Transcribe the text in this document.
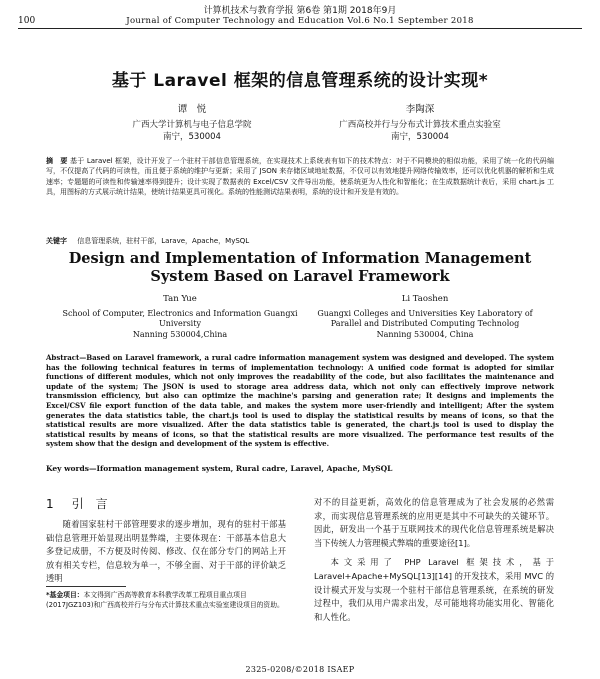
计算机技术与教育学报 第6卷 第1期 2018年9月
100	Journal of Computer Technology and Education Vol.6 No.1 September 2018
基于 Laravel 框架的信息管理系统的设计实现*
谭　悦
广西大学计算机与电子信息学院
南宁，530004
李陶深
广西高校并行与分布式计算技术重点实验室
南宁，530004
摘　要 基于 Laravel 框架，设计开发了一个驻村干部信息管理系统，在实现技术上系统表有如下的技术特点：对于不同模块的相似功能，采用了统一化的代码编写，不仅提高了代码的可读性，而且便于系统的维护与更新；采用了 JSON 来存储区域地址数据，不仅可以有效地提升网络传输效率，还可以优化机器的解析和生成速率；专题题的可读性和传输速率得到提升；设计实现了数据表的 Excel/CSV 文件导出功能，使系统更为人性化和智能化；在生成数据统计表后，采用 chart.js 工具，用图标的方式展示统计结果，使统计结果更具可视化。系统的性能测试结果表明，系统的设计和开发是有效的。
关键字 信息管理系统，驻村干部，Larave，Apache，MySQL
Design and Implementation of Information Management System Based on Laravel Framework
Tan Yue
School of Computer, Electronics and Information Guangxi University
Nanning 530004,China
Li Taoshen
Guangxi Colleges and Universities Key Laboratory of Parallel and Distributed Computing Technolog
Nanning 530004, China
Abstract—Based on Laravel framework, a rural cadre information management system was designed and developed. The system has the following technical features in terms of implementation technology: A unified code format is adopted for similar functions of different modules, which not only improves the readability of the code, but also facilitates the maintenance and update of the system; The JSON is used to storage area address data, which not only can effectively improve network transmission efficiency, but also can optimize the machine's parsing and generation rate; It designs and implements the Excel/CSV file export function of the data table, and makes the system more user-friendly and intelligent; After the system generates the data statistics table, the chart.js tool is used to display the statistical results by means of icons, so that the statistical results are more visualized. After the data statistics table is generated, the chart.js tool is used to display the statistical results by means of icons, so that the statistical results are more visualized. The performance test results of the system show that the design and development of the system is effective.
Key words—Iformation management system, Rural cadre, Laravel, Apache, MySQL
1 引　言

随着国家驻村干部管理要求的逐步增加，现有的驻村干部基础信息管理开始显现出明显弊端，主要体现在：干部基本信息大多登记成册，不方便及时传阅、修改、仅在部分专门的网站上开放有相关专栏，信息较为单一，不够全面、对于干部的评价缺乏透明

对不的目益更新，高效化的信息管理成为了社会发展的必然需求，而实现信息管理系统的应用更是其中不可缺失的关键环节。因此，研发出一个基于互联网技术的现代化信息管理系统是解决当下传统人力管理模式弊端的重要途径[1]。

本文采用了 PHP Laravel 框架技术，基于 Laravel+Apache+MySQL[13][14] 的开发技术，采用 MVC 的设计模式开发与实现一个驻村干部信息管理系统，在系统的研发过程中，我们从用户需求出发，尽可能地将功能实用化、智能化和人性化。

*基金项目：本文得到广西高等教育本科教学改革工程项目重点项目(2017JGZ103)和广西高校并行与分布式计算技术重点实验室建设项目的资助。
2325-0208/©2018 ISAEP
